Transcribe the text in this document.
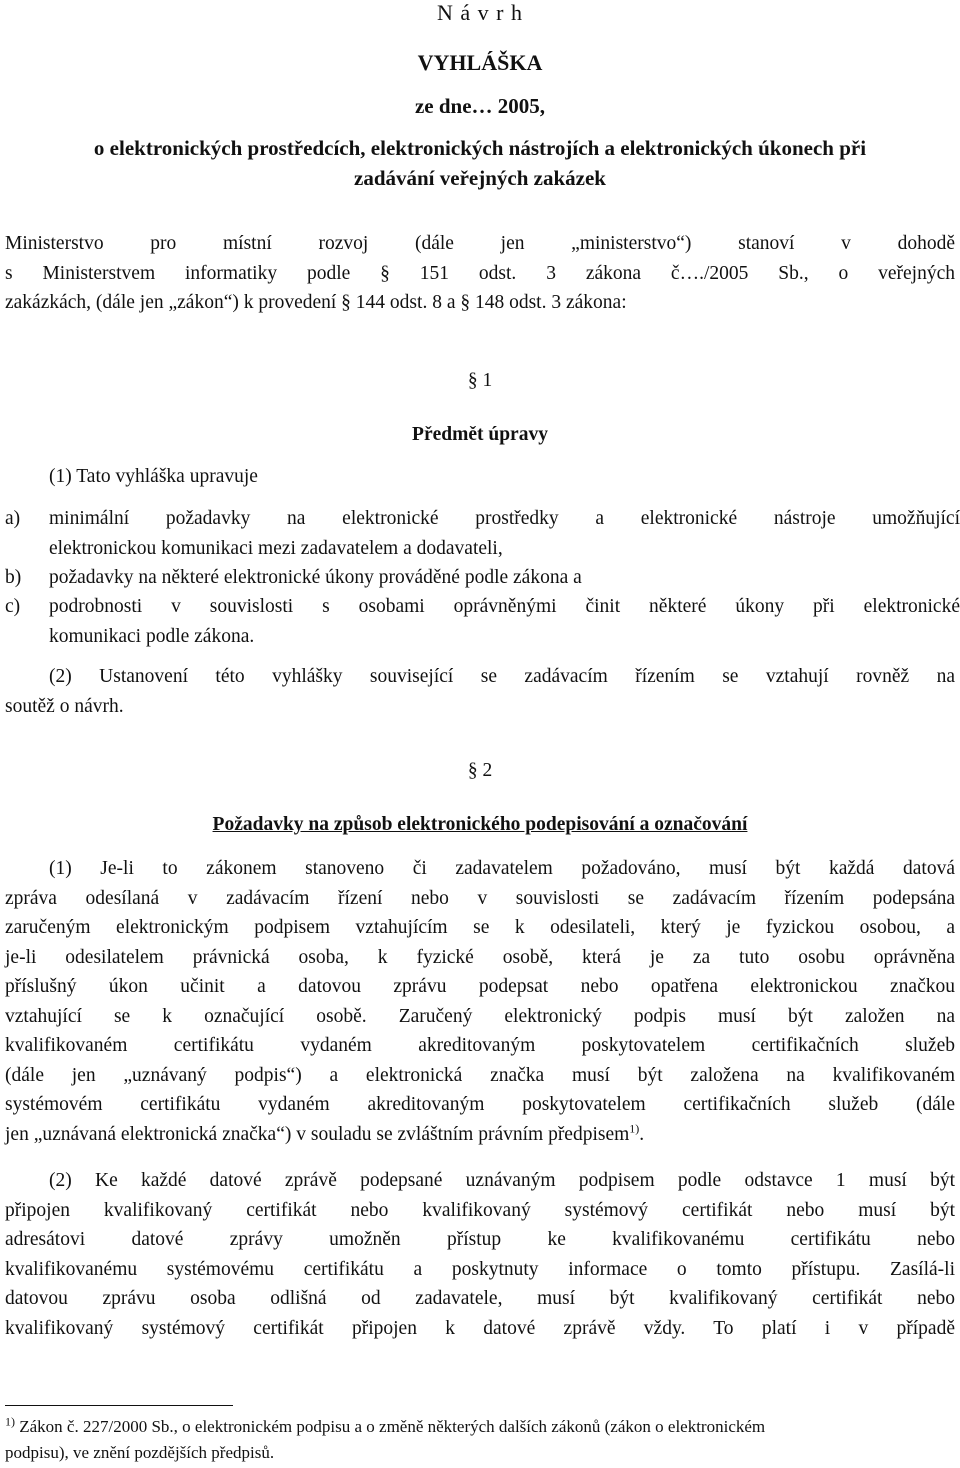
N á v r h
VYHLÁŠKA
ze dne… 2005,
o elektronických prostředcích, elektronických nástrojích a elektronických úkonech při
zadávání veřejných zakázek
Ministerstvo pro místní rozvoj (dále jen „ministerstvo“) stanoví v dohodě
s Ministerstvem informatiky podle § 151 odst. 3 zákona č…./2005 Sb., o veřejných
zakázkách, (dále jen „zákon“) k provedení § 144 odst. 8 a § 148 odst. 3 zákona:
§ 1
Předmět úpravy
(1) Tato vyhláška upravuje
a) minimální požadavky na elektronické prostředky a elektronické nástroje umožňující
elektronickou komunikaci mezi zadavatelem a dodavateli,
b) požadavky na některé elektronické úkony prováděné podle zákona a
c) podrobnosti v souvislosti s osobami oprávněnými činit některé úkony při elektronické
komunikaci podle zákona.
(2) Ustanovení této vyhlášky související se zadávacím řízením se vztahují rovněž na
soutěž o návrh.
§ 2
Požadavky na způsob elektronického podepisování a označování
(1) Je-li to zákonem stanoveno či zadavatelem požadováno, musí být každá datová
zpráva odesílaná v zadávacím řízení nebo v souvislosti se zadávacím řízením podepsána
zaručeným elektronickým podpisem vztahujícím se k odesilateli, který je fyzickou osobou, a
je-li odesilatelem právnická osoba, k fyzické osobě, která je za tuto osobu oprávněna
příslušný úkon učinit a datovou zprávu podepsat nebo opatřena elektronickou značkou
vztahující se k označující osobě. Zaručený elektronický podpis musí být založen na
kvalifikovaném certifikátu vydaném akreditovaným poskytovatelem certifikačních služeb
(dále jen „uznávaný podpis“) a elektronická značka musí být založena na kvalifikovaném
systémovém certifikátu vydaném akreditovaným poskytovatelem certifikačních služeb (dále
jen „uznávaná elektronická značka“) v souladu se zvláštním právním předpisem$^{1)}$.
(2) Ke každé datové zprávě podepsané uznávaným podpisem podle odstavce 1 musí být
připojen kvalifikovaný certifikát nebo kvalifikovaný systémový certifikát nebo musí být
adresátovi datové zprávy umožněn přístup ke kvalifikovanému certifikátu nebo
kvalifikovanému systémovému certifikátu a poskytnuty informace o tomto přístupu. Zasílá-li
datovou zprávu osoba odlišná od zadavatele, musí být kvalifikovaný certifikát nebo
kvalifikovaný systémový certifikát připojen k datové zprávě vždy. To platí i v případě
$^{1)}$ Zákon č. 227/2000 Sb., o elektronickém podpisu a o změně některých dalších zákonů (zákon o elektronickém
podpisu), ve znění pozdějších předpisů.
